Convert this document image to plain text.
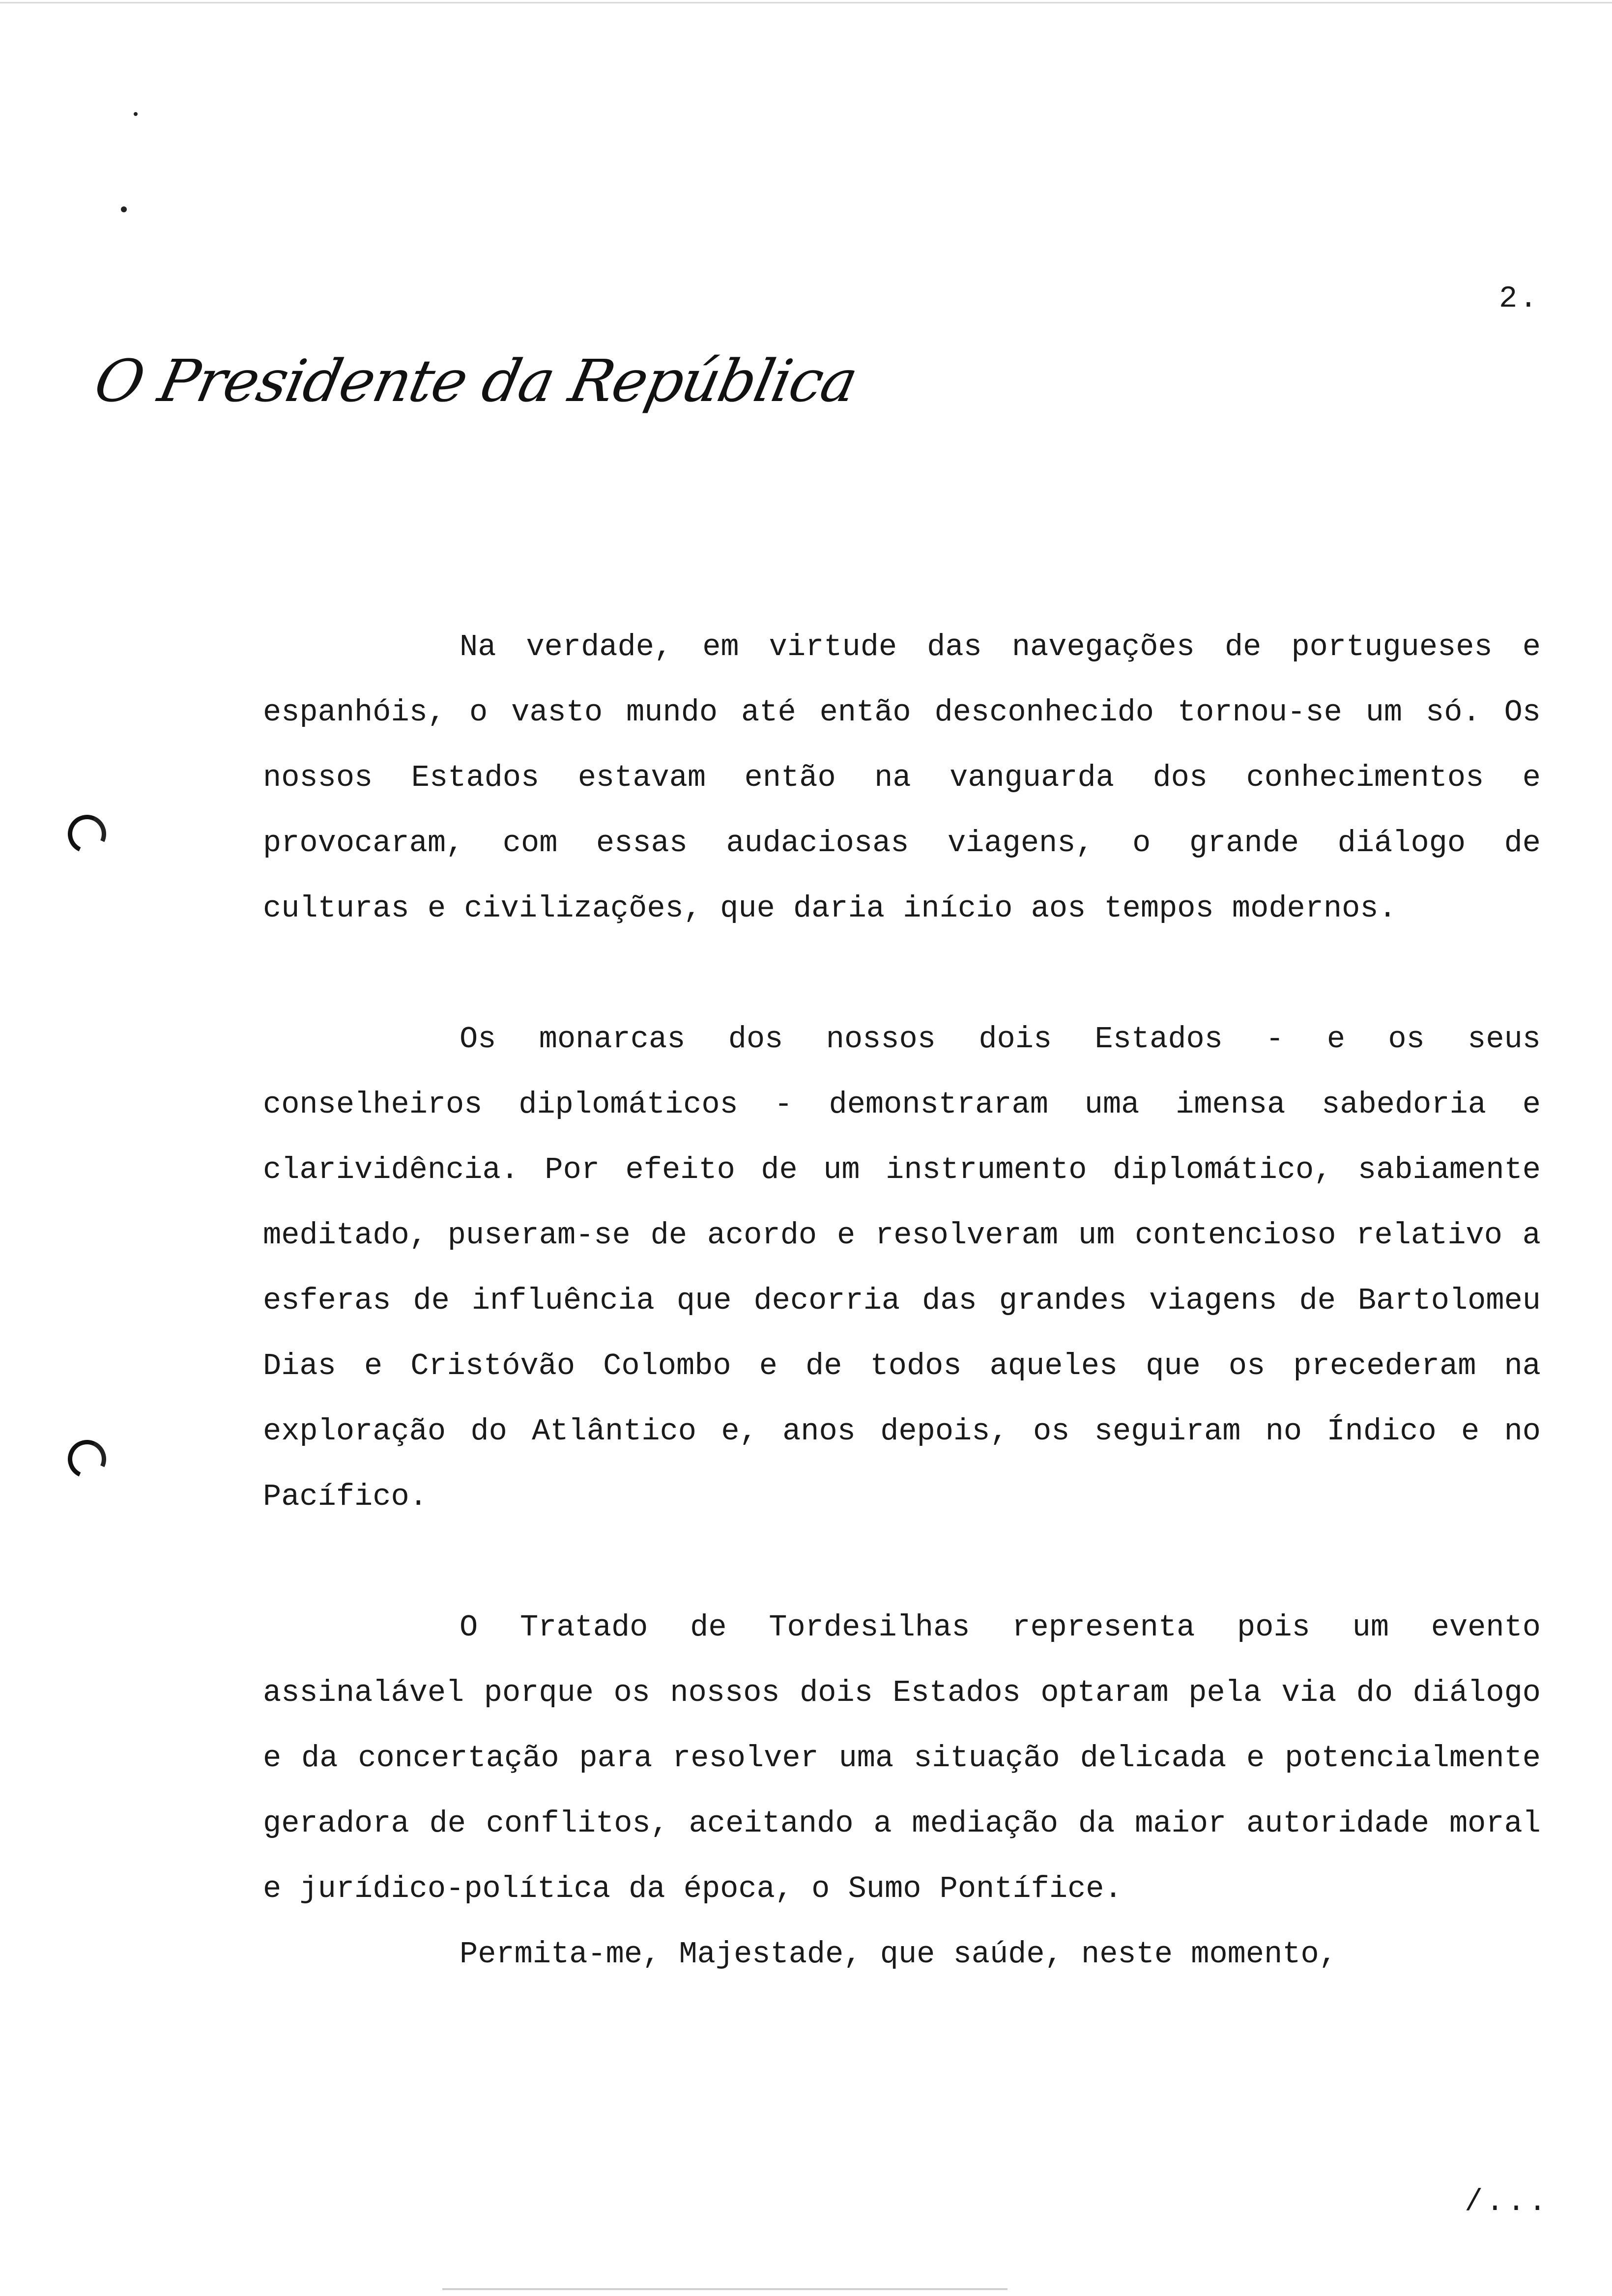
2.
O Presidente da República

Na verdade, em virtude das navegações de portugueses e espanhóis, o vasto mundo até então desconhecido tornou-se um só. Os nossos Estados estavam então na vanguarda dos conhecimentos e provocaram, com essas audaciosas viagens, o grande diálogo de culturas e civilizações, que daria início aos tempos modernos.

Os monarcas dos nossos dois Estados - e os seus conselheiros diplomáticos - demonstraram uma imensa sabedoria e clarividência. Por efeito de um instrumento diplomático, sabiamente meditado, puseram-se de acordo e resolveram um contencioso relativo a esferas de influência que decorria das grandes viagens de Bartolomeu Dias e Cristóvão Colombo e de todos aqueles que os precederam na exploração do Atlântico e, anos depois, os seguiram no Índico e no Pacífico.

O Tratado de Tordesilhas representa pois um evento assinalável porque os nossos dois Estados optaram pela via do diálogo e da concertação para resolver uma situação delicada e potencialmente geradora de conflitos, aceitando a mediação da maior autoridade moral e jurídico-política da época, o Sumo Pontífice.

Permita-me, Majestade, que saúde, neste momento,

/...
